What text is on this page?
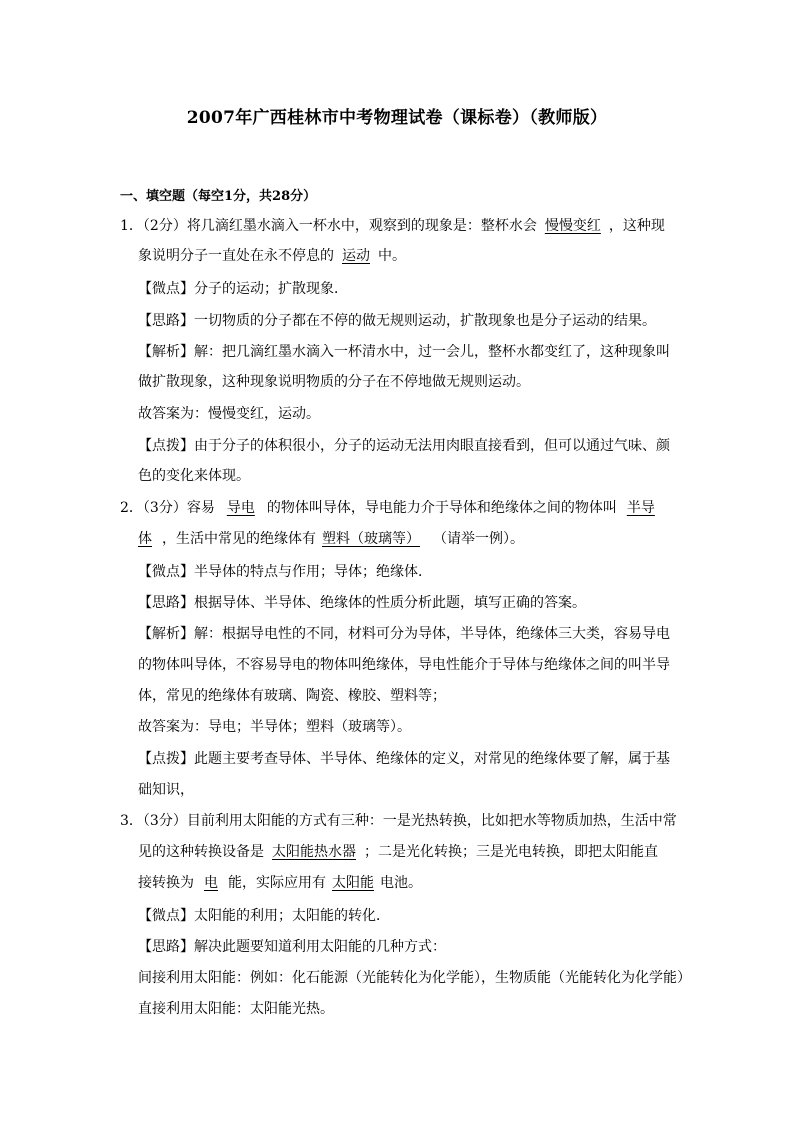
2007年广西桂林市中考物理试卷（课标卷）（教师版）
一、填空题（每空1分，共28分）
1．（2分）将几滴红墨水滴入一杯水中，观察到的现象是：整杯水会 慢慢变红 ，这种现
象说明分子一直处在永不停息的 运动 中。
【微点】分子的运动；扩散现象．
【思路】一切物质的分子都在不停的做无规则运动，扩散现象也是分子运动的结果。
【解析】解：把几滴红墨水滴入一杯清水中，过一会儿，整杯水都变红了，这种现象叫
做扩散现象，这种现象说明物质的分子在不停地做无规则运动。
故答案为：慢慢变红，运动。
【点拨】由于分子的体积很小，分子的运动无法用肉眼直接看到，但可以通过气味、颜
色的变化来体现。
2．（3分）容易 导电 的物体叫导体，导电能力介于导体和绝缘体之间的物体叫 半导
体 ，生活中常见的绝缘体有 塑料（玻璃等） （请举一例）。
【微点】半导体的特点与作用；导体；绝缘体．
【思路】根据导体、半导体、绝缘体的性质分析此题，填写正确的答案。
【解析】解：根据导电性的不同，材料可分为导体，半导体，绝缘体三大类，容易导电
的物体叫导体，不容易导电的物体叫绝缘体，导电性能介于导体与绝缘体之间的叫半导
体，常见的绝缘体有玻璃、陶瓷、橡胶、塑料等；
故答案为：导电；半导体；塑料（玻璃等）。
【点拨】此题主要考查导体、半导体、绝缘体的定义，对常见的绝缘体要了解，属于基
础知识，
3．（3分）目前利用太阳能的方式有三种：一是光热转换，比如把水等物质加热，生活中常
见的这种转换设备是 太阳能热水器 ；二是光化转换；三是光电转换，即把太阳能直
接转换为 电 能，实际应用有 太阳能 电池。
【微点】太阳能的利用；太阳能的转化．
【思路】解决此题要知道利用太阳能的几种方式：
间接利用太阳能：例如：化石能源（光能转化为化学能），生物质能（光能转化为化学能）
直接利用太阳能：太阳能光热。
